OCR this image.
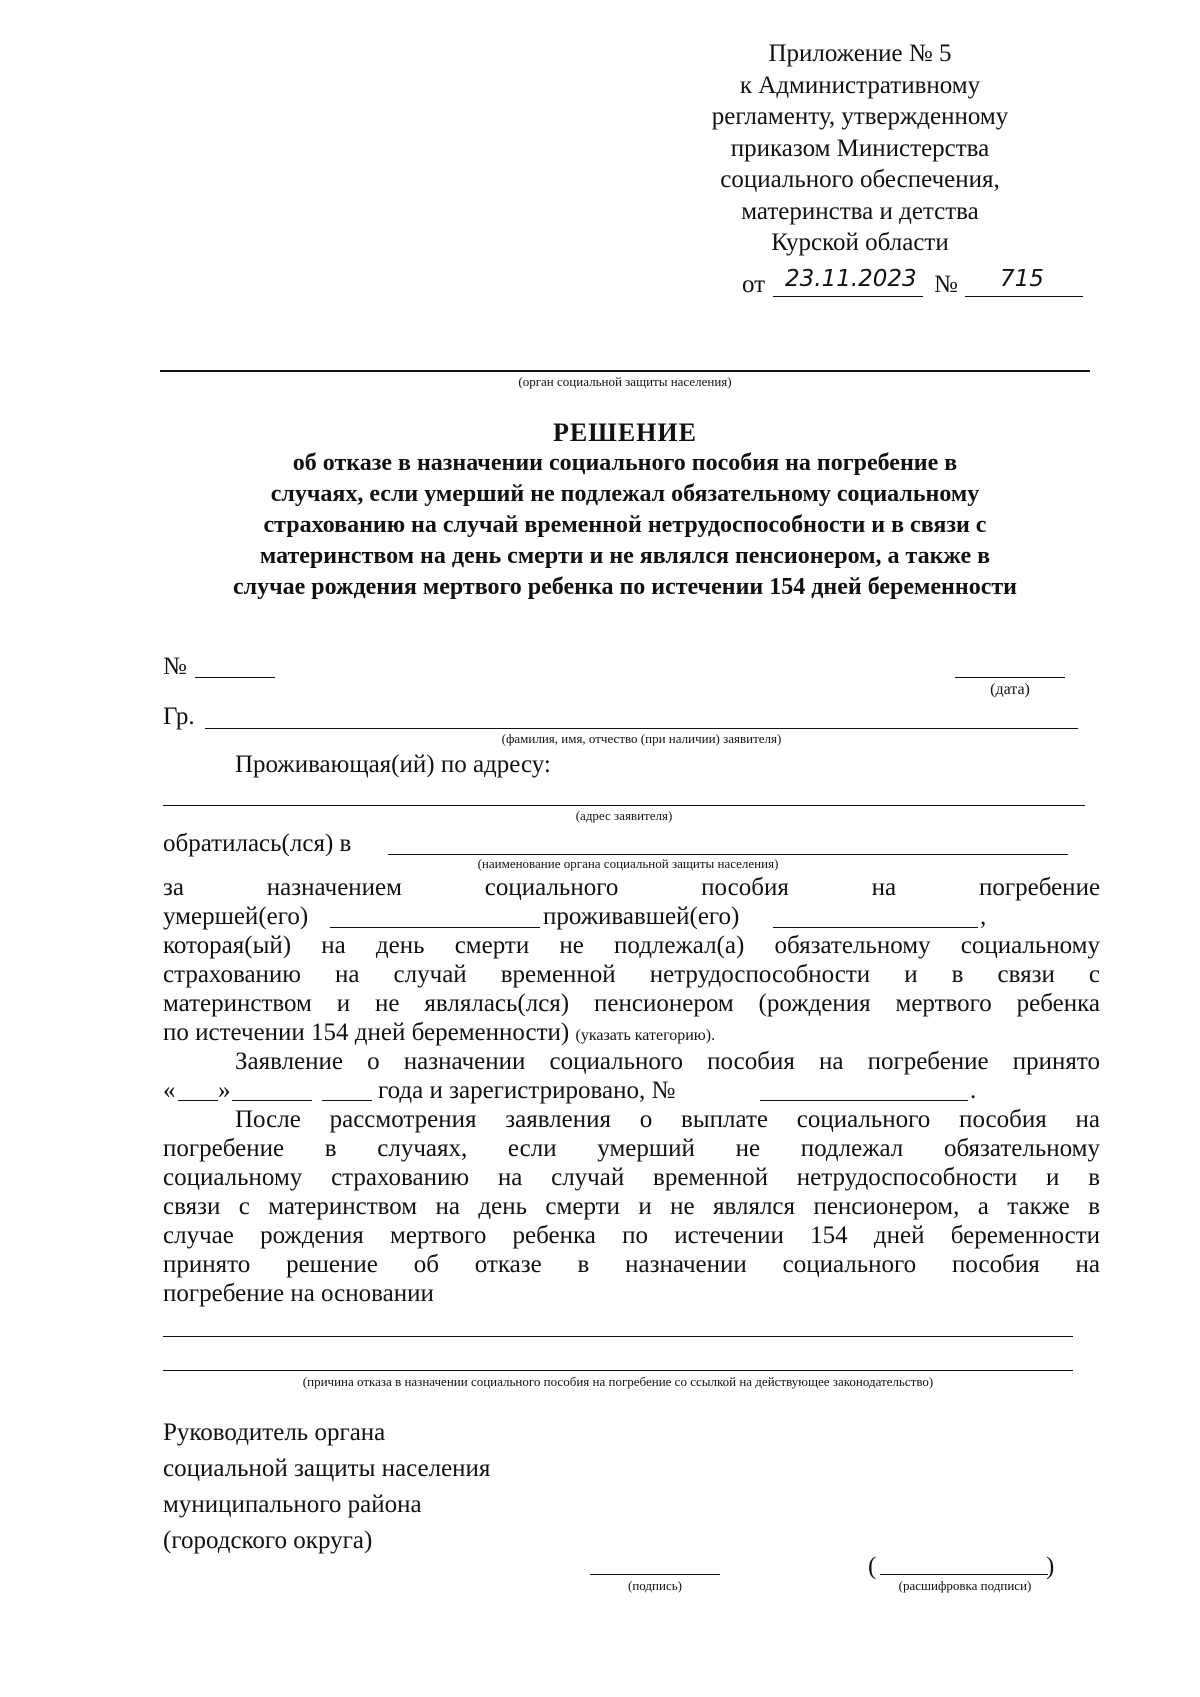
Приложение № 5
к Административному
регламенту, утвержденному
приказом Министерства
социального обеспечения,
материнства и детства
Курской области
от 23.11.2023 № 715
(орган социальной защиты населения)
РЕШЕНИЕ
об отказе в назначении социального пособия на погребение в
случаях, если умерший не подлежал обязательному социальному
страхованию на случай временной нетрудоспособности и в связи с
материнством на день смерти и не являлся пенсионером, а также в
случае рождения мертвого ребенка по истечении 154 дней беременности
№
(дата)
Гр.
(фамилия, имя, отчество (при наличии) заявителя)
Проживающая(ий) по адресу:
(адрес заявителя)
обратилась(лся) в
(наименование органа социальной защиты населения)
за	назначением	социального	пособия	на	погребение
умершей(его)	проживавшей(его)	,
которая(ый) на день смерти не подлежал(а) обязательному социальному
страхованию на случай временной нетрудоспособности и в связи с
материнством и не являлась(лся) пенсионером (рождения мертвого ребенка
по истечении 154 дней беременности) (указать категорию).
Заявление о назначении социального пособия на погребение принято
« »	года и зарегистрировано, №	.
После рассмотрения заявления о выплате социального пособия на
погребение в случаях, если умерший не подлежал обязательному
социальному страхованию на случай временной нетрудоспособности и в
связи с материнством на день смерти и не являлся пенсионером, а также в
случае рождения мертвого ребенка по истечении 154 дней беременности
принято решение об отказе в назначении социального пособия на
погребение на основании
(причина отказа в назначении социального пособия на погребение со ссылкой на действующее законодательство)
Руководитель органа
социальной защиты населения
муниципального района
(городского округа)
(подпись)
(	)
(расшифровка подписи)
